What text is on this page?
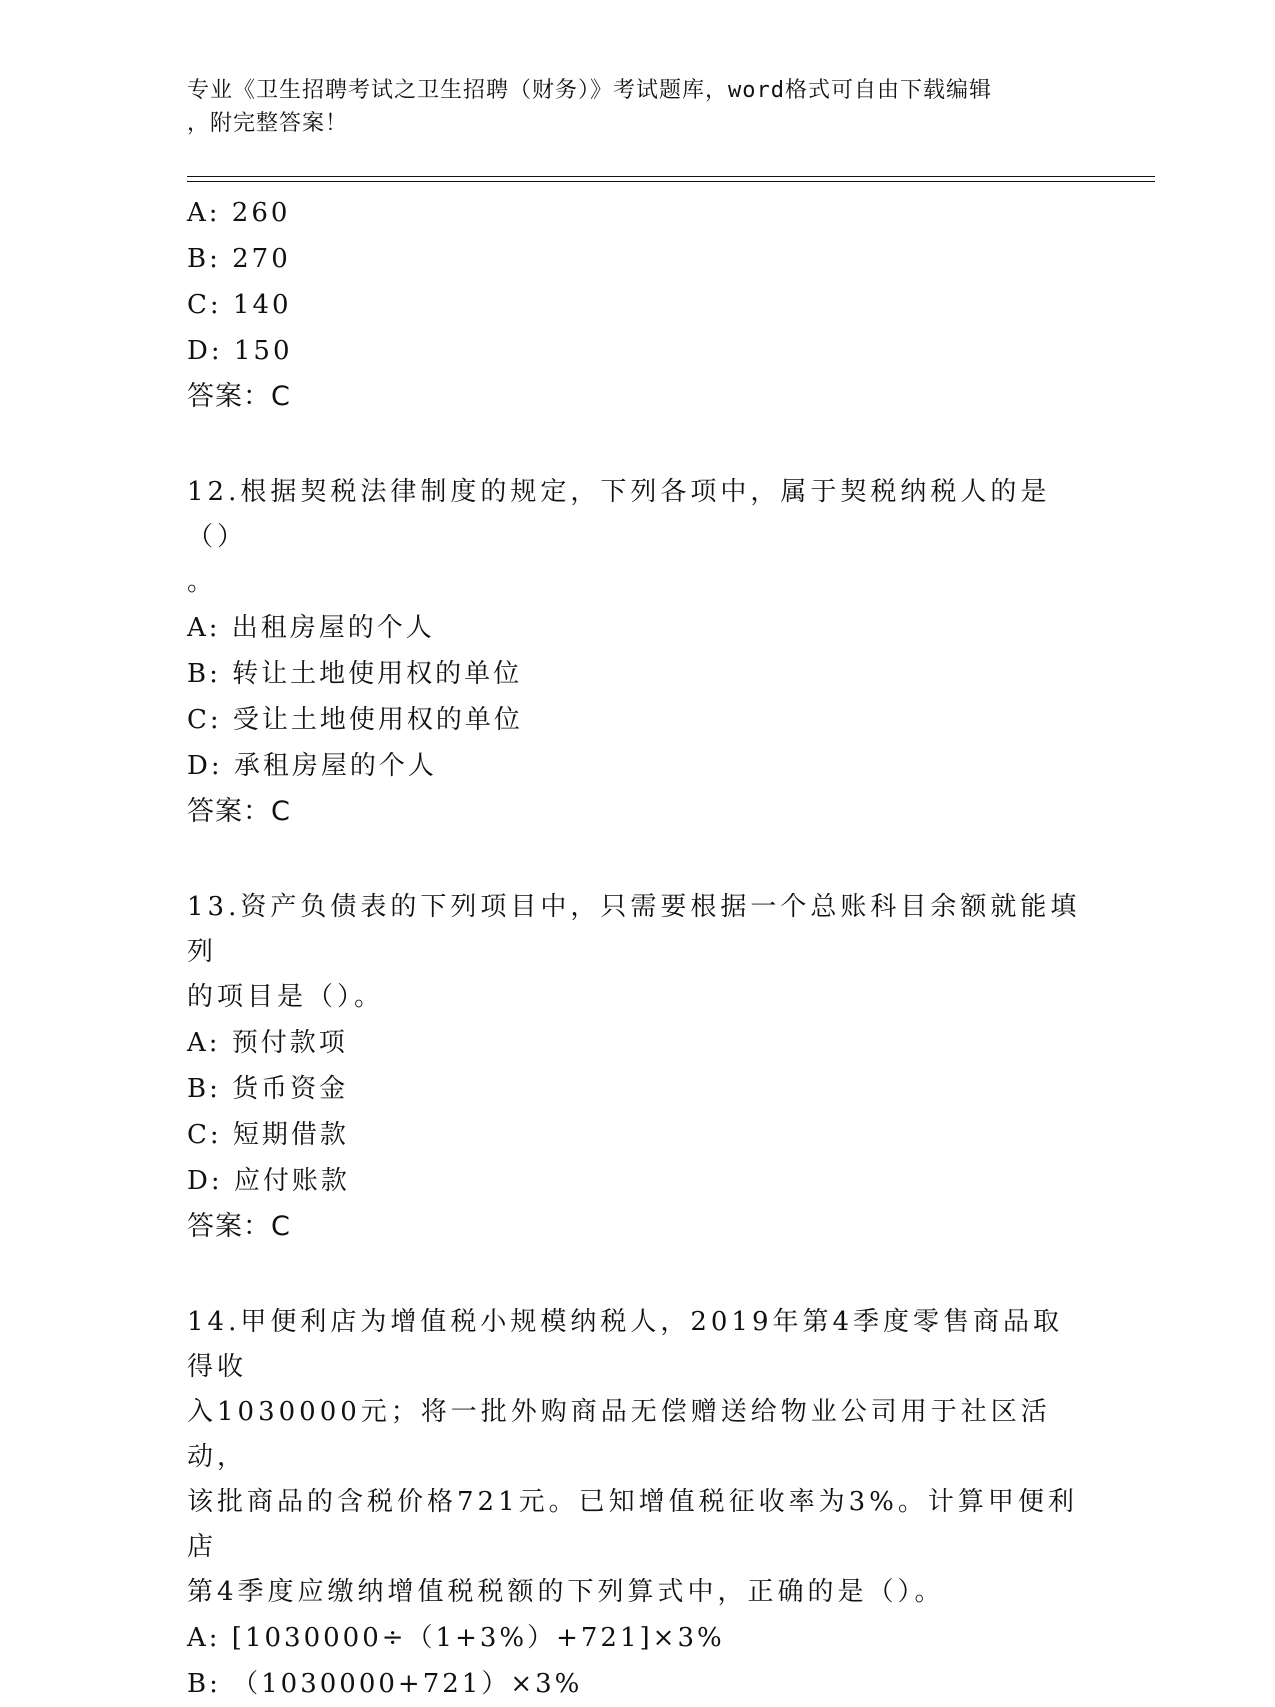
专业《卫生招聘考试之卫生招聘（财务）》考试题库，word格式可自由下载编辑
，附完整答案！
A: 260
B: 270
C: 140
D: 150
答案：C
12.根据契税法律制度的规定，下列各项中，属于契税纳税人的是（）
。
A: 出租房屋的个人
B: 转让土地使用权的单位
C: 受让土地使用权的单位
D: 承租房屋的个人
答案：C
13.资产负债表的下列项目中，只需要根据一个总账科目余额就能填列
的项目是（）。
A: 预付款项
B: 货币资金
C: 短期借款
D: 应付账款
答案：C
14.甲便利店为增值税小规模纳税人，2019年第4季度零售商品取得收
入1030000元；将一批外购商品无偿赠送给物业公司用于社区活动，
该批商品的含税价格721元。已知增值税征收率为3%。计算甲便利店
第4季度应缴纳增值税税额的下列算式中，正确的是（）。
A: [1030000÷（1+3%）+721]×3%
B: （1030000+721）×3%
